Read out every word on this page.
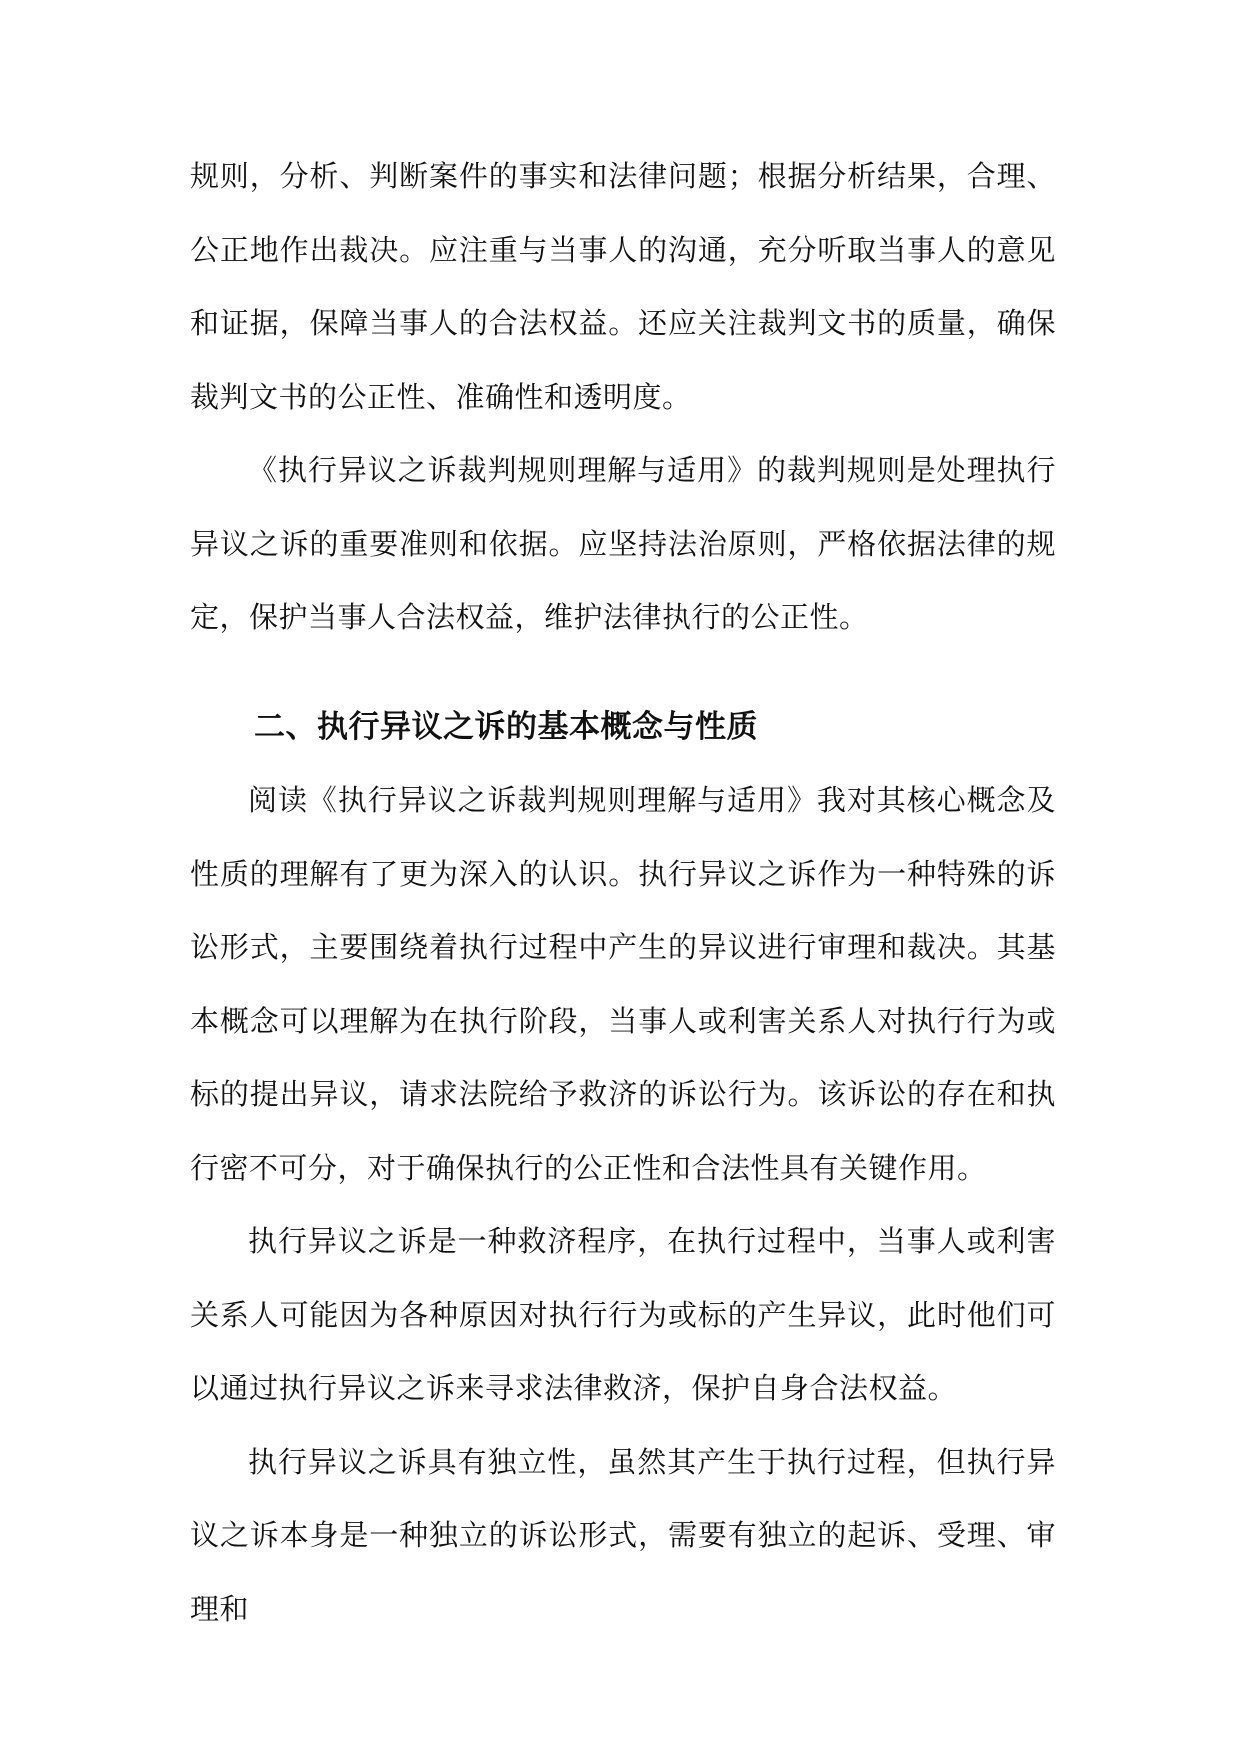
规则，分析、判断案件的事实和法律问题；根据分析结果，合理、公正地作出裁决。应注重与当事人的沟通，充分听取当事人的意见和证据，保障当事人的合法权益。还应关注裁判文书的质量，确保裁判文书的公正性、准确性和透明度。

《执行异议之诉裁判规则理解与适用》的裁判规则是处理执行异议之诉的重要准则和依据。应坚持法治原则，严格依据法律的规定，保护当事人合法权益，维护法律执行的公正性。

二、执行异议之诉的基本概念与性质

阅读《执行异议之诉裁判规则理解与适用》我对其核心概念及性质的理解有了更为深入的认识。执行异议之诉作为一种特殊的诉讼形式，主要围绕着执行过程中产生的异议进行审理和裁决。其基本概念可以理解为在执行阶段，当事人或利害关系人对执行行为或标的提出异议，请求法院给予救济的诉讼行为。该诉讼的存在和执行密不可分，对于确保执行的公正性和合法性具有关键作用。

执行异议之诉是一种救济程序，在执行过程中，当事人或利害关系人可能因为各种原因对执行行为或标的产生异议，此时他们可以通过执行异议之诉来寻求法律救济，保护自身合法权益。

执行异议之诉具有独立性，虽然其产生于执行过程，但执行异议之诉本身是一种独立的诉讼形式，需要有独立的起诉、受理、审理和
